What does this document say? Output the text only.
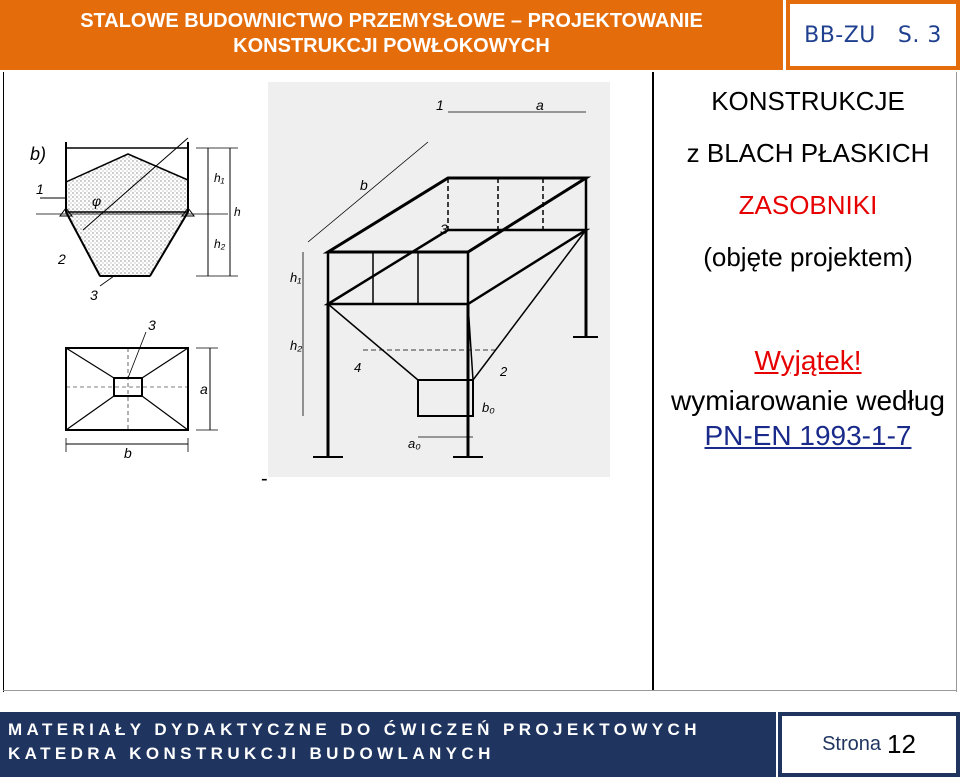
STALOWE BUDOWNICTWO PRZEMYSŁOWE – PROJEKTOWANIE
KONSTRUKCJI POWŁOKOWYCH	BB-ZU S. 3
b)
1
2
3
φ
h₁
h₂
h
3
a
b
1	a
b
3
h₁
h₂
4	2
b₀
a₀
-
KONSTRUKCJE
z BLACH PŁASKICH
ZASOBNIKI
(objęte projektem)
Wyjątek!
wymiarowanie według
PN-EN 1993-1-7
MATERIAŁY DYDAKTYCZNE DO ĆWICZEŃ PROJEKTOWYCH
KATEDRA KONSTRUKCJI BUDOWLANYCH	Strona 12
